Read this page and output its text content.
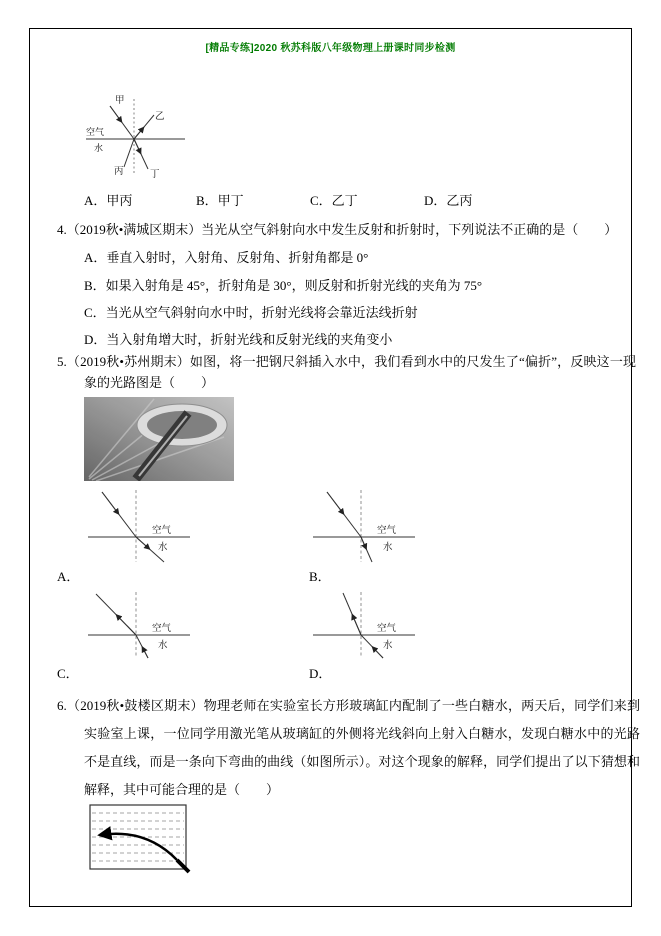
[精品专练]2020 秋苏科版八年级物理上册课时同步检测
甲
乙
丙	丁
空气
水
A．甲丙	B．甲丁	C．乙丁	D．乙丙
4.（2019秋•满城区期末）当光从空气斜射向水中发生反射和折射时，下列说法不正确的是（　　）
A．垂直入射时，入射角、反射角、折射角都是 0°
B．如果入射角是 45°，折射角是 30°，则反射和折射光线的夹角为 75°
C．当光从空气斜射向水中时，折射光线将会靠近法线折射
D．当入射角增大时，折射光线和反射光线的夹角变小
5.（2019秋•苏州期末）如图，将一把钢尺斜插入水中，我们看到水中的尺发生了“偏折”，反映这一现象的光路图是（　　）
空气
水
空气
水
A．	B．
空气
水
空气
水
C．	D．
6.（2019秋•鼓楼区期末）物理老师在实验室长方形玻璃缸内配制了一些白糖水，两天后，同学们来到实验室上课，一位同学用激光笔从玻璃缸的外侧将光线斜向上射入白糖水，发现白糖水中的光路不是直线，而是一条向下弯曲的曲线（如图所示）。对这个现象的解释，同学们提出了以下猜想和解释，其中可能合理的是（　　）
